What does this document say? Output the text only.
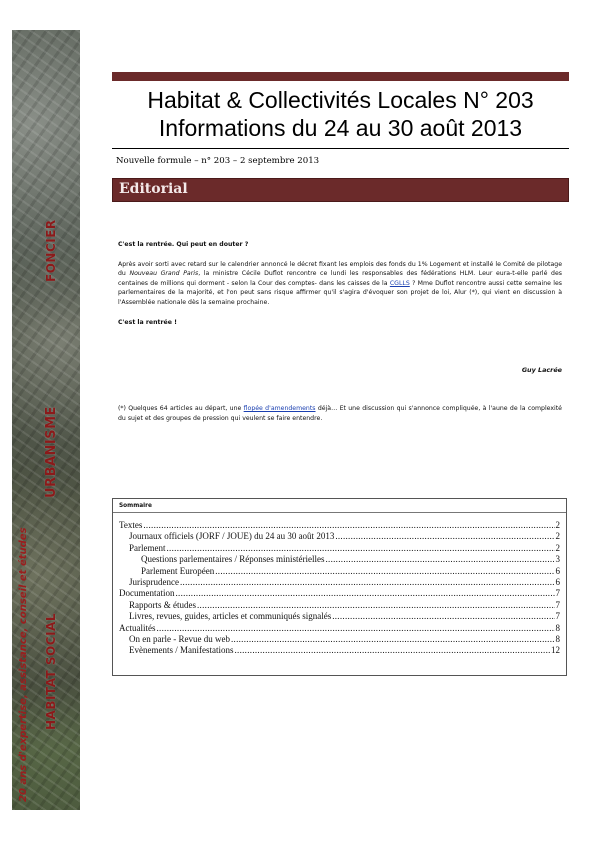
FONCIER
URBANISME
HABITAT SOCIAL
20 ans d'expertise, assistance, conseil et études
Habitat & Collectivités Locales N° 203
Informations du 24 au 30 août 2013
Nouvelle formule – n° 203 – 2 septembre 2013
Editorial

C'est la rentrée. Qui peut en douter ?

Après avoir sorti avec retard sur le calendrier annoncé le décret fixant les emplois des fonds du 1% Logement et installé le Comité de pilotage du Nouveau Grand Paris, la ministre Cécile Duflot rencontre ce lundi les responsables des fédérations HLM. Leur eura-t-elle parlé des centaines de millions qui dorment - selon la Cour des comptes- dans les caisses de la CGLLS ? Mme Duflot rencontre aussi cette semaine les parlementaires de la majorité, et l'on peut sans risque affirmer qu'il s'agira d'évoquer son projet de loi, Alur (*), qui vient en discussion à l'Assemblée nationale dès la semaine prochaine.

C'est la rentrée !

Guy Lacrée
(*) Quelques 64 articles au départ, une flopée d'amendements déjà… Et une discussion qui s'annonce compliquée, à l'aune de la complexité du sujet et des groupes de pression qui veulent se faire entendre.
Sommaire
Textes .....	2
Journaux officiels (JORF / JOUE) du 24 au 30 août 2013 .....	2
Parlement .....	2
Questions parlementaires / Réponses ministérielles .....	3
Parlement Européen .....	6
Jurisprudence .....	6
Documentation .....	7
Rapports & études .....	7
Livres, revues, guides, articles et communiqués signalés .....	7
Actualités .....	8
On en parle - Revue du web .....	8
Evènements / Manifestations .....	12
